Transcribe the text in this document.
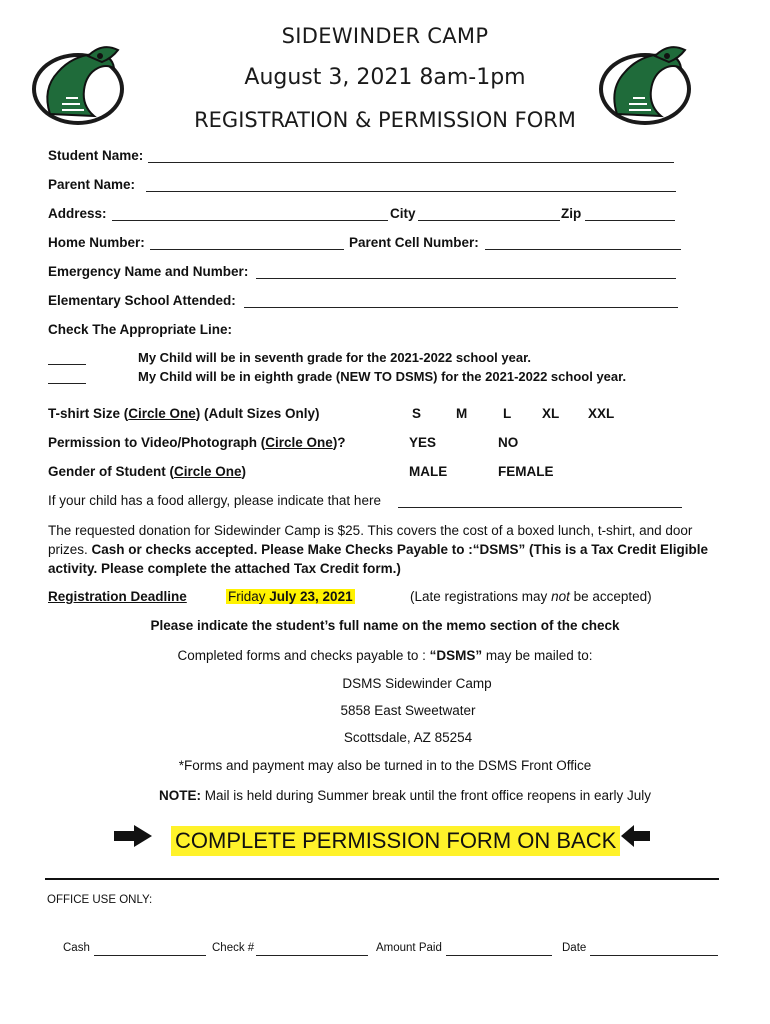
SIDEWINDER CAMP
August 3, 2021 8am-1pm
REGISTRATION & PERMISSION FORM
Student Name:
Parent Name:
Address:	City	Zip
Home Number:	Parent Cell Number:
Emergency Name and Number:
Elementary School Attended:
Check The Appropriate Line:
My Child will be in seventh grade for the 2021-2022 school year.
My Child will be in eighth grade (NEW TO DSMS) for the 2021-2022 school year.
T-shirt Size (Circle One) (Adult Sizes Only)	S	M	L XL XXL
Permission to Video/Photograph (Circle One)?	YES	NO
Gender of Student (Circle One)	MALE	FEMALE
If your child has a food allergy, please indicate that here
The requested donation for Sidewinder Camp is $25. This covers the cost of a boxed lunch, t-shirt, and door prizes. Cash or checks accepted. Please Make Checks Payable to :“DSMS” (This is a Tax Credit Eligible activity. Please complete the attached Tax Credit form.)
Registration Deadline	Friday July 23, 2021	(Late registrations may not be accepted)
Please indicate the student’s full name on the memo section of the check
Completed forms and checks payable to : “DSMS” may be mailed to:
DSMS Sidewinder Camp
5858 East Sweetwater
Scottsdale, AZ 85254
*Forms and payment may also be turned in to the DSMS Front Office
NOTE: Mail is held during Summer break until the front office reopens in early July
COMPLETE PERMISSION FORM ON BACK
OFFICE USE ONLY:
Cash	Check #	Amount Paid	Date
